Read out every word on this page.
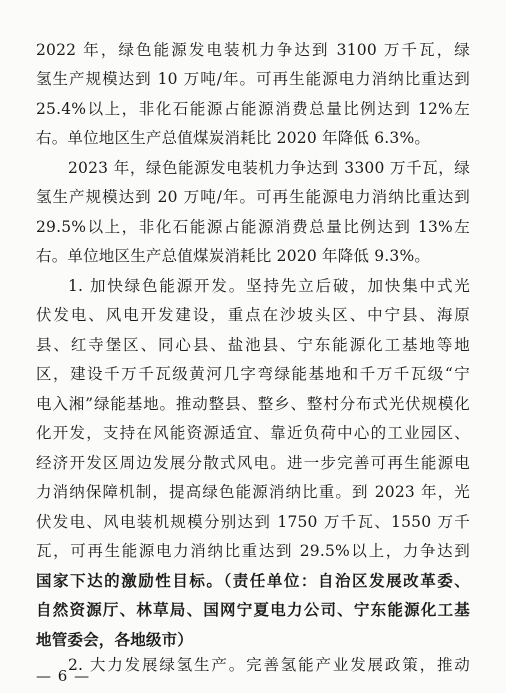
2022 年，绿色能源发电装机力争达到 3100 万千瓦，绿
氢生产规模达到 10 万吨/年。可再生能源电力消纳比重达到
25.4%以上，非化石能源占能源消费总量比例达到 12%左
右。单位地区生产总值煤炭消耗比 2020 年降低 6.3%。
2023 年，绿色能源发电装机力争达到 3300 万千瓦，绿
氢生产规模达到 20 万吨/年。可再生能源电力消纳比重达到
29.5%以上，非化石能源占能源消费总量比例达到 13%左
右。单位地区生产总值煤炭消耗比 2020 年降低 9.3%。
1. 加快绿色能源开发。坚持先立后破，加快集中式光
伏发电、风电开发建设，重点在沙坡头区、中宁县、海原
县、红寺堡区、同心县、盐池县、宁东能源化工基地等地
区，建设千万千瓦级黄河几字弯绿能基地和千万千瓦级“宁
电入湘”绿能基地。推动整县、整乡、整村分布式光伏规模化
化开发，支持在风能资源适宜、靠近负荷中心的工业园区、
经济开发区周边发展分散式风电。进一步完善可再生能源电
力消纳保障机制，提高绿色能源消纳比重。到 2023 年，光
伏发电、风电装机规模分别达到 1750 万千瓦、1550 万千
瓦，可再生能源电力消纳比重达到 29.5%以上，力争达到
国家下达的激励性目标。（责任单位：自治区发展改革委、
自然资源厅、林草局、国网宁夏电力公司、宁东能源化工基
地管委会，各地级市）
2. 大力发展绿氢生产。完善氢能产业发展政策，推动
— 6 —
